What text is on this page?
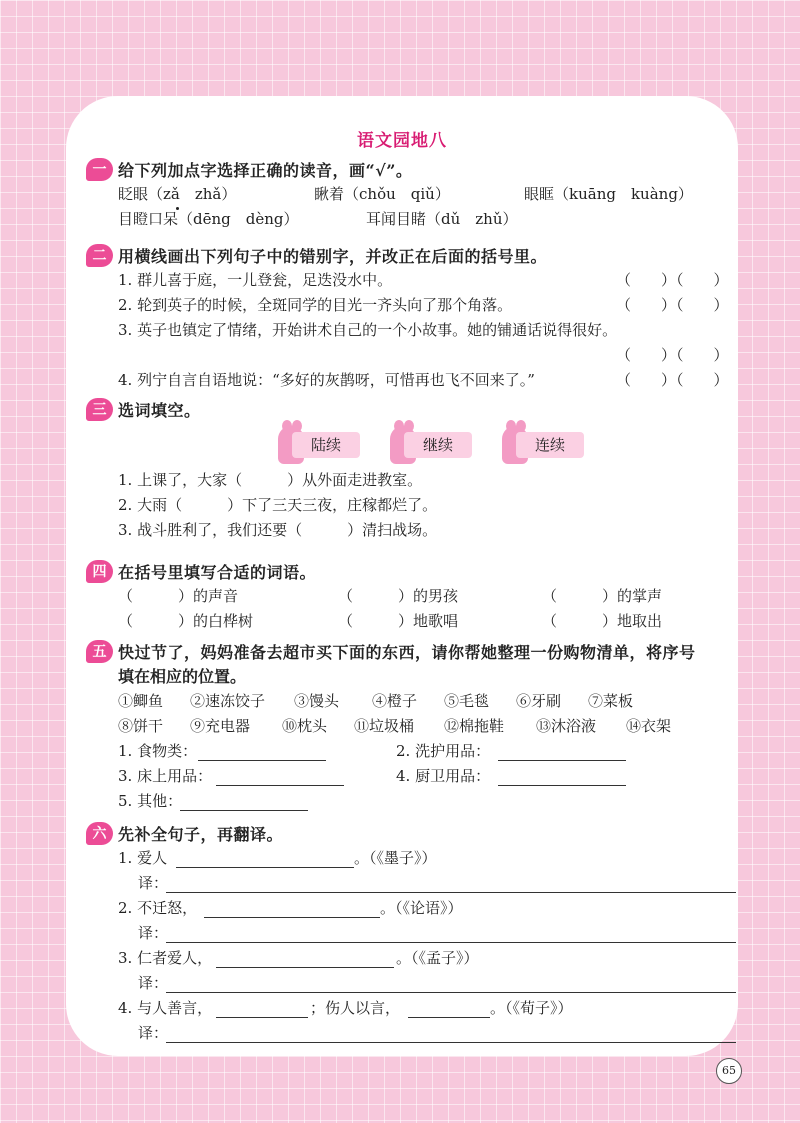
语文园地八
一 给下列加点字选择正确的读音，画“√”。
眨眼（zǎ　zhǎ）	瞅着（chǒu　qiǔ）	眼眶（kuāng　kuàng）
目瞪口呆（dēng　dèng）	耳闻目睹（dǔ　zhǔ）
二 用横线画出下列句子中的错别字，并改正在后面的括号里。
1. 群儿喜于庭，一儿登瓮，足迭没水中。	（　　）（　　）
2. 轮到英子的时候，全斑同学的目光一齐头向了那个角落。	（　　）（　　）
3. 英子也镇定了情绪，开始讲术自己的一个小故事。她的铺通话说得很好。
（　　）（　　）
4. 列宁自言自语地说：“多好的灰鹊呀，可惜再也飞不回来了。”	（　　）（　　）
三 选词填空。
陆续	继续	连续
1. 上课了，大家（　　　）从外面走进教室。
2. 大雨（　　　）下了三天三夜，庄稼都烂了。
3. 战斗胜利了，我们还要（　　　）清扫战场。
四 在括号里填写合适的词语。
（　　　）的声音	（　　　）的男孩	（　　　）的掌声
（　　　）的白桦树	（　　　）地歌唱	（　　　）地取出
五 快过节了，妈妈准备去超市买下面的东西，请你帮她整理一份购物清单，将序号
填在相应的位置。
①鲫鱼 ②速冻饺子 ③馒头 ④橙子 ⑤毛毯 ⑥牙刷 ⑦菜板
⑧饼干 ⑨充电器 ⑩枕头 ⑪垃圾桶 ⑫棉拖鞋 ⑬沐浴液 ⑭衣架
1. 食物类：	2. 洗护用品：
3. 床上用品：	4. 厨卫用品：
5. 其他：
六 先补全句子，再翻译。
1. 爱人	。（《墨子》）
译：
2. 不迁怒，	。（《论语》）
译：
3. 仁者爱人，	。（《孟子》）
译：
4. 与人善言，	；伤人以言，	。（《荀子》）
译：
65
